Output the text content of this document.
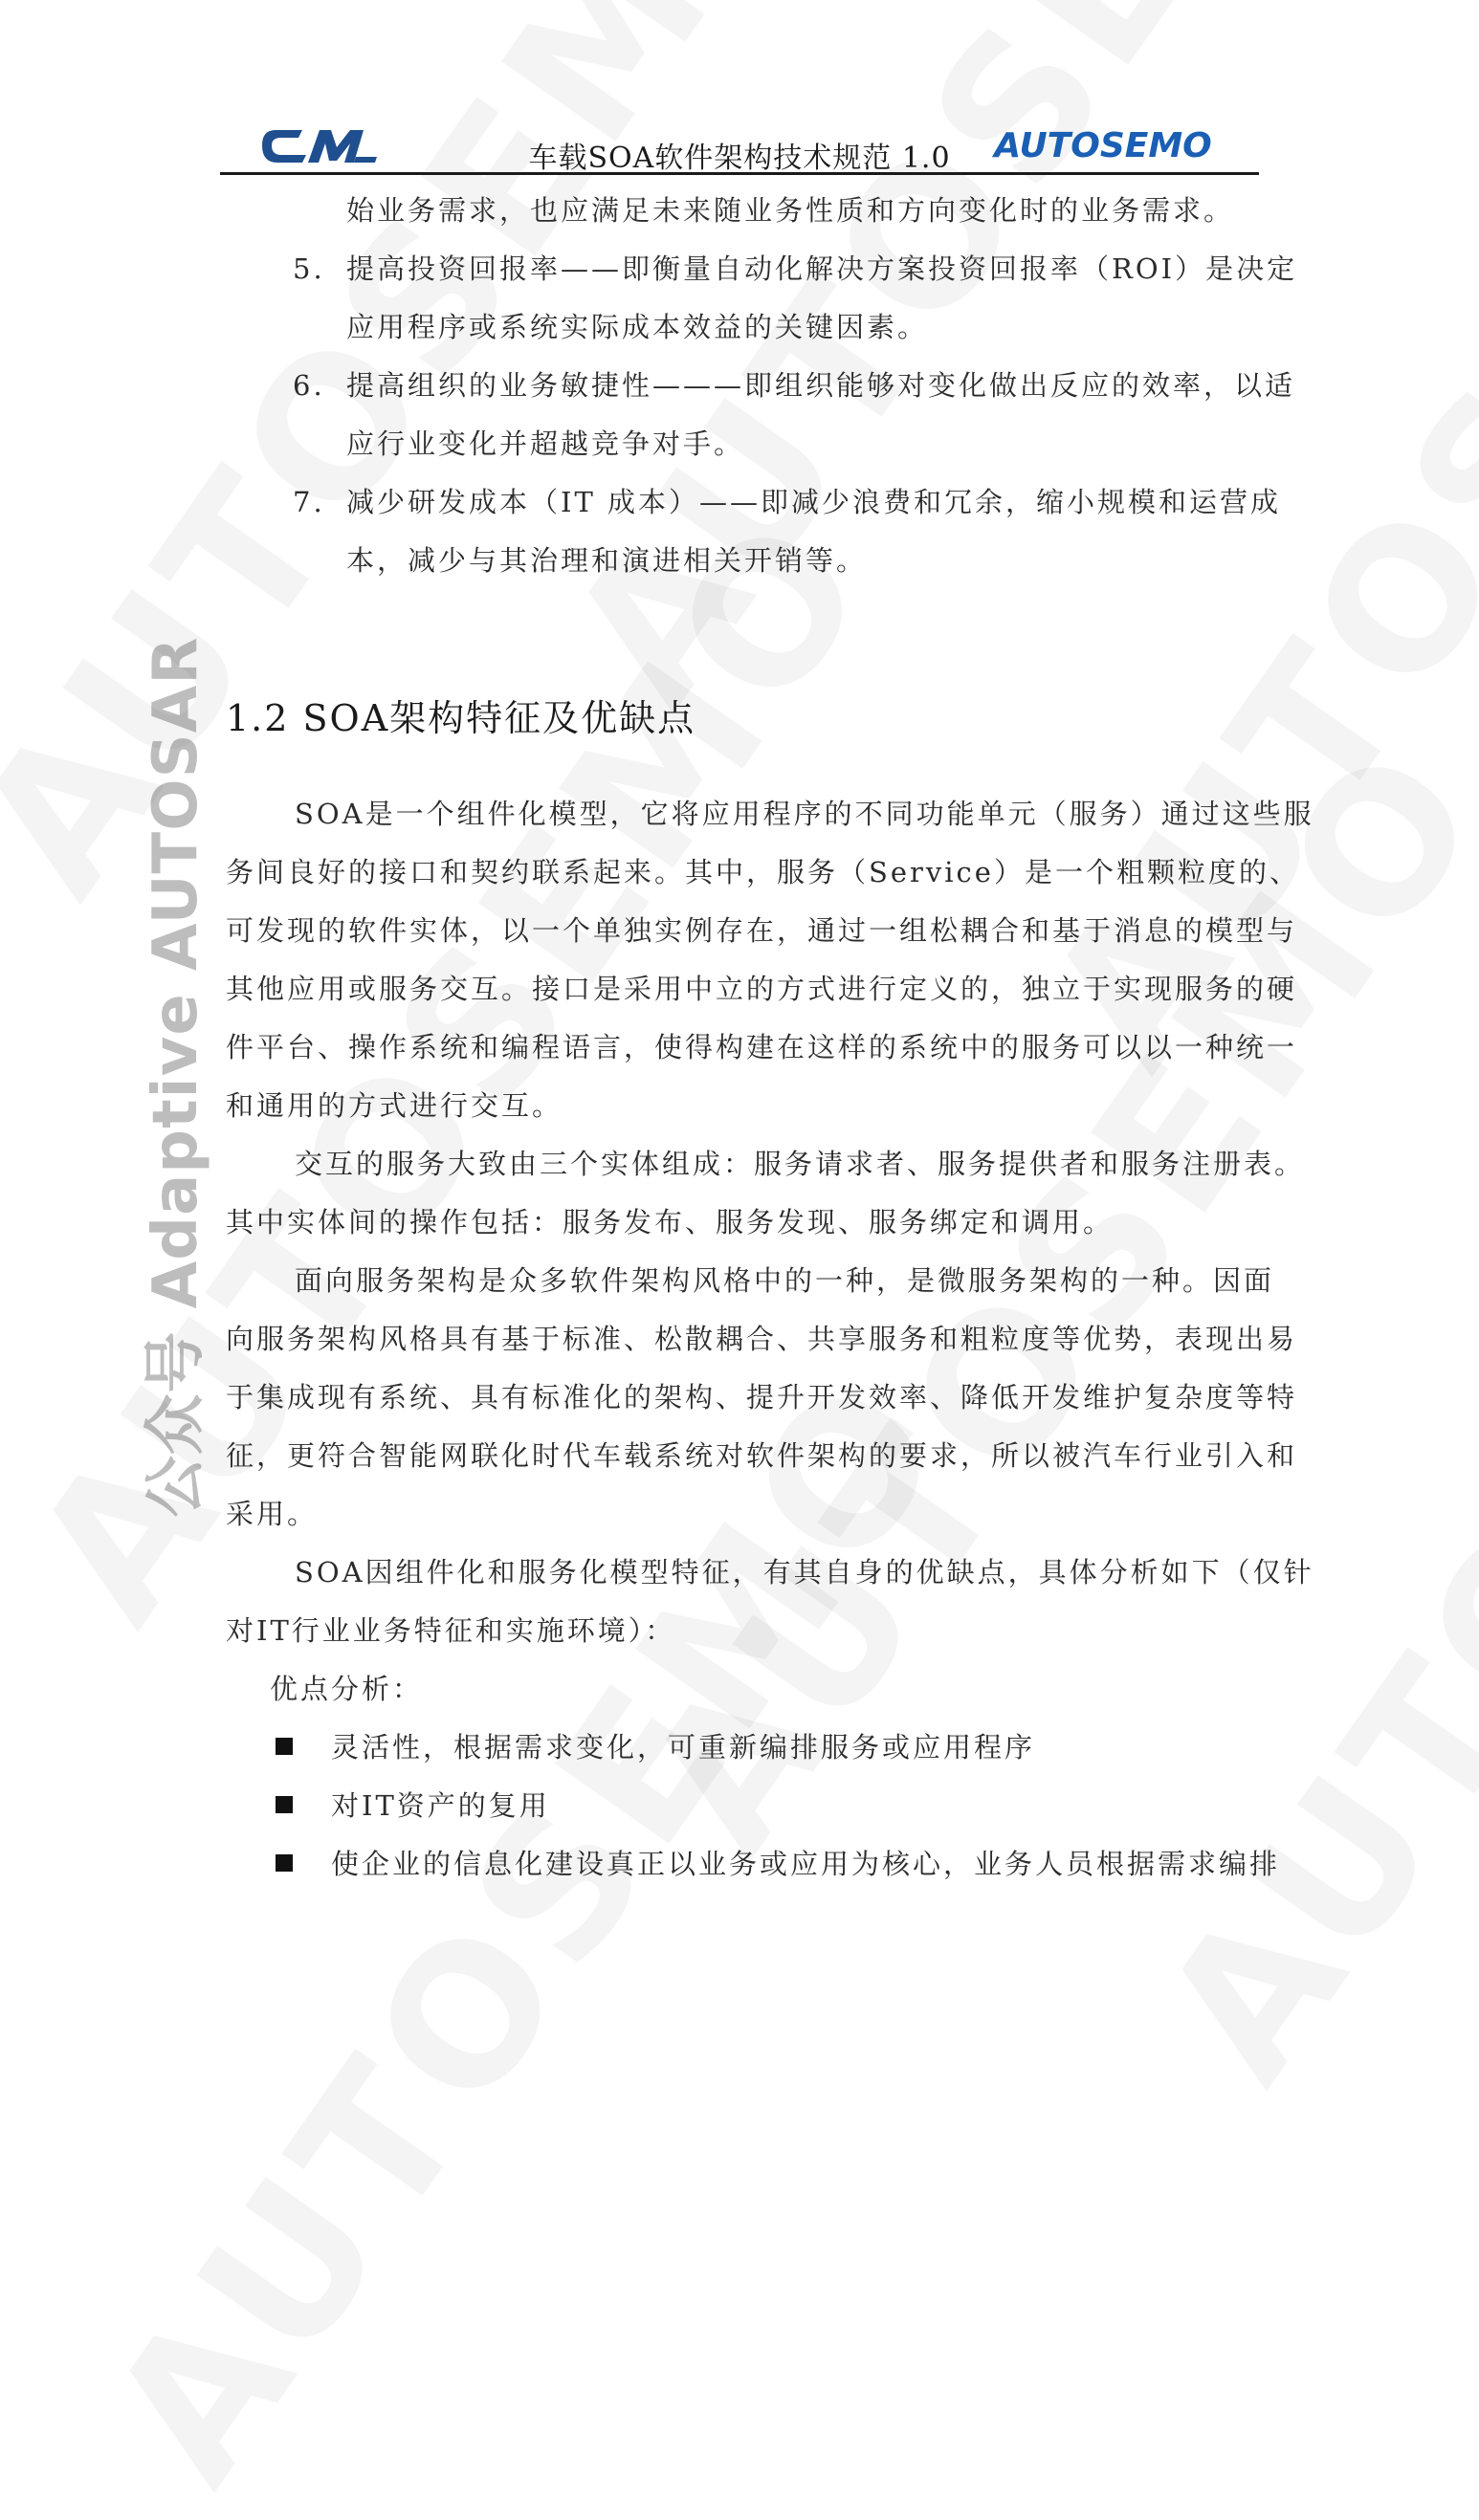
公众号 Adaptive AUTOSAR
车载SOA软件架构技术规范 1.0	AUTOSEMO
始业务需求，也应满足未来随业务性质和方向变化时的业务需求。
5. 提高投资回报率——即衡量自动化解决方案投资回报率（ROI）是决定
应用程序或系统实际成本效益的关键因素。
6. 提高组织的业务敏捷性———即组织能够对变化做出反应的效率，以适
应行业变化并超越竞争对手。
7. 减少研发成本（IT 成本）——即减少浪费和冗余，缩小规模和运营成
本，减少与其治理和演进相关开销等。
1.2 SOA架构特征及优缺点
SOA是一个组件化模型，它将应用程序的不同功能单元（服务）通过这些服
务间良好的接口和契约联系起来。其中，服务（Service）是一个粗颗粒度的、
可发现的软件实体，以一个单独实例存在，通过一组松耦合和基于消息的模型与
其他应用或服务交互。接口是采用中立的方式进行定义的，独立于实现服务的硬
件平台、操作系统和编程语言，使得构建在这样的系统中的服务可以以一种统一
和通用的方式进行交互。
交互的服务大致由三个实体组成：服务请求者、服务提供者和服务注册表。
其中实体间的操作包括：服务发布、服务发现、服务绑定和调用。
面向服务架构是众多软件架构风格中的一种，是微服务架构的一种。因面
向服务架构风格具有基于标准、松散耦合、共享服务和粗粒度等优势，表现出易
于集成现有系统、具有标准化的架构、提升开发效率、降低开发维护复杂度等特
征，更符合智能网联化时代车载系统对软件架构的要求，所以被汽车行业引入和
采用。
SOA因组件化和服务化模型特征，有其自身的优缺点，具体分析如下（仅针
对IT行业业务特征和实施环境）：
优点分析：
灵活性，根据需求变化，可重新编排服务或应用程序
对IT资产的复用
使企业的信息化建设真正以业务或应用为核心，业务人员根据需求编排
